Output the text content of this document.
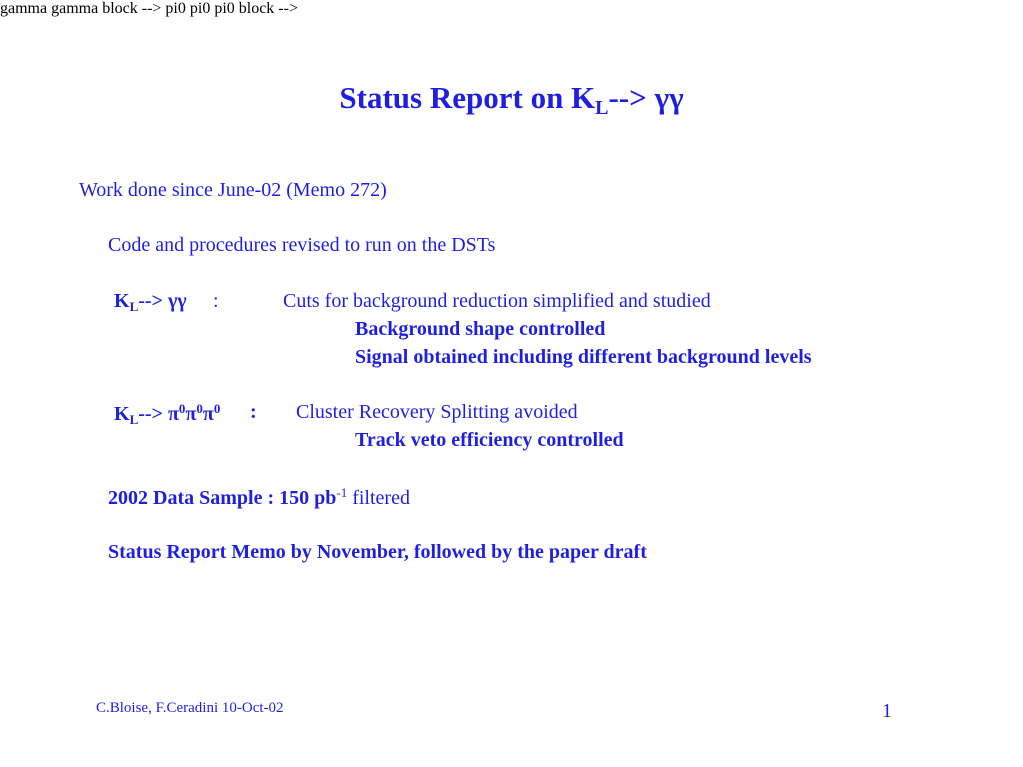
Status Report on $K_L--> \gamma\gamma$
Work done since June-02 (Memo 272)
Code and procedures revised to run on the DSTs
gamma gamma block -->
$K_L--> \gamma\gamma$ :	Cuts for background reduction simplified and studied
Background shape controlled
Signal obtained including different background levels
pi0 pi0 pi0 block -->
$K_L--> \pi^0\pi^0\pi^0$ : Cluster Recovery Splitting avoided
Track veto efficiency controlled
2002 Data Sample : 150 $pb^{-1}$ filtered
Status Report Memo by November, followed by the paper draft
C.Bloise, F.Ceradini 10-Oct-02	1
